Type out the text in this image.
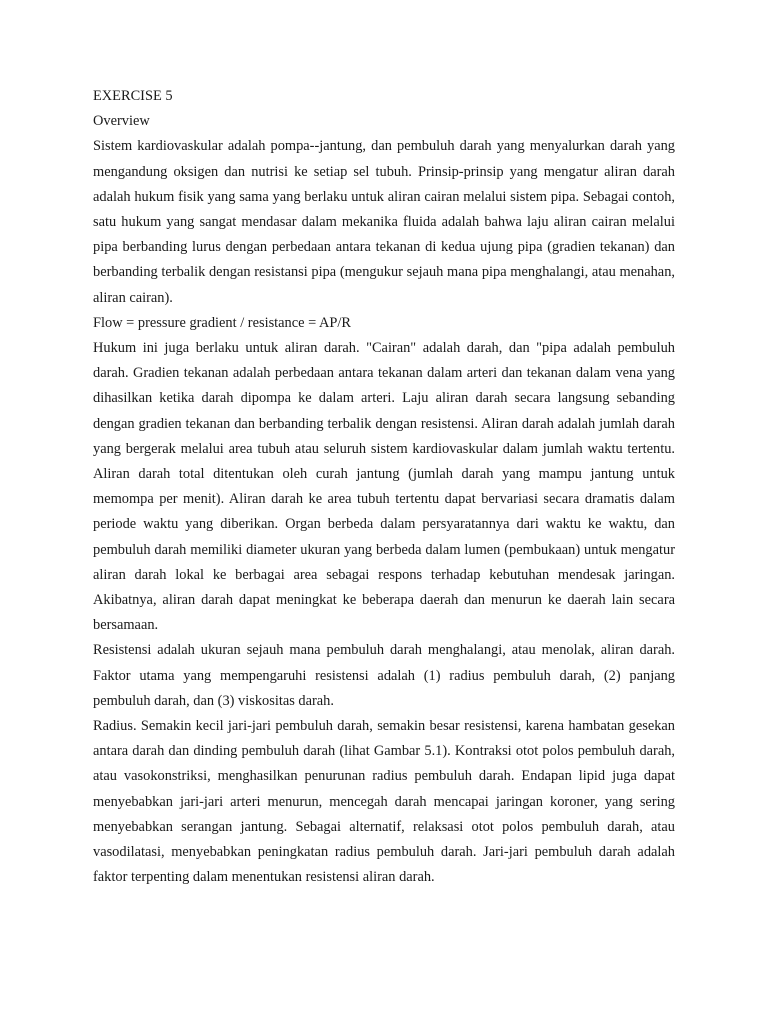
EXERCISE 5
Overview

Sistem kardiovaskular adalah pompa--jantung, dan pembuluh darah yang menyalurkan darah yang mengandung oksigen dan nutrisi ke setiap sel tubuh. Prinsip-prinsip yang mengatur aliran darah adalah hukum fisik yang sama yang berlaku untuk aliran cairan melalui sistem pipa. Sebagai contoh, satu hukum yang sangat mendasar dalam mekanika fluida adalah bahwa laju aliran cairan melalui pipa berbanding lurus dengan perbedaan antara tekanan di kedua ujung pipa (gradien tekanan) dan berbanding terbalik dengan resistansi pipa (mengukur sejauh mana pipa menghalangi, atau menahan, aliran cairan).

Flow = pressure gradient / resistance = AP/R

Hukum ini juga berlaku untuk aliran darah. "Cairan" adalah darah, dan "pipa adalah pembuluh darah. Gradien tekanan adalah perbedaan antara tekanan dalam arteri dan tekanan dalam vena yang dihasilkan ketika darah dipompa ke dalam arteri. Laju aliran darah secara langsung sebanding dengan gradien tekanan dan berbanding terbalik dengan resistensi. Aliran darah adalah jumlah darah yang bergerak melalui area tubuh atau seluruh sistem kardiovaskular dalam jumlah waktu tertentu. Aliran darah total ditentukan oleh curah jantung (jumlah darah yang mampu jantung untuk memompa per menit). Aliran darah ke area tubuh tertentu dapat bervariasi secara dramatis dalam periode waktu yang diberikan. Organ berbeda dalam persyaratannya dari waktu ke waktu, dan pembuluh darah memiliki diameter ukuran yang berbeda dalam lumen (pembukaan) untuk mengatur aliran darah lokal ke berbagai area sebagai respons terhadap kebutuhan mendesak jaringan. Akibatnya, aliran darah dapat meningkat ke beberapa daerah dan menurun ke daerah lain secara bersamaan.

Resistensi adalah ukuran sejauh mana pembuluh darah menghalangi, atau menolak, aliran darah. Faktor utama yang mempengaruhi resistensi adalah (1) radius pembuluh darah, (2) panjang pembuluh darah, dan (3) viskositas darah.

Radius. Semakin kecil jari-jari pembuluh darah, semakin besar resistensi, karena hambatan gesekan antara darah dan dinding pembuluh darah (lihat Gambar 5.1). Kontraksi otot polos pembuluh darah, atau vasokonstriksi, menghasilkan penurunan radius pembuluh darah. Endapan lipid juga dapat menyebabkan jari-jari arteri menurun, mencegah darah mencapai jaringan koroner, yang sering menyebabkan serangan jantung. Sebagai alternatif, relaksasi otot polos pembuluh darah, atau vasodilatasi, menyebabkan peningkatan radius pembuluh darah. Jari-jari pembuluh darah adalah faktor terpenting dalam menentukan resistensi aliran darah.
